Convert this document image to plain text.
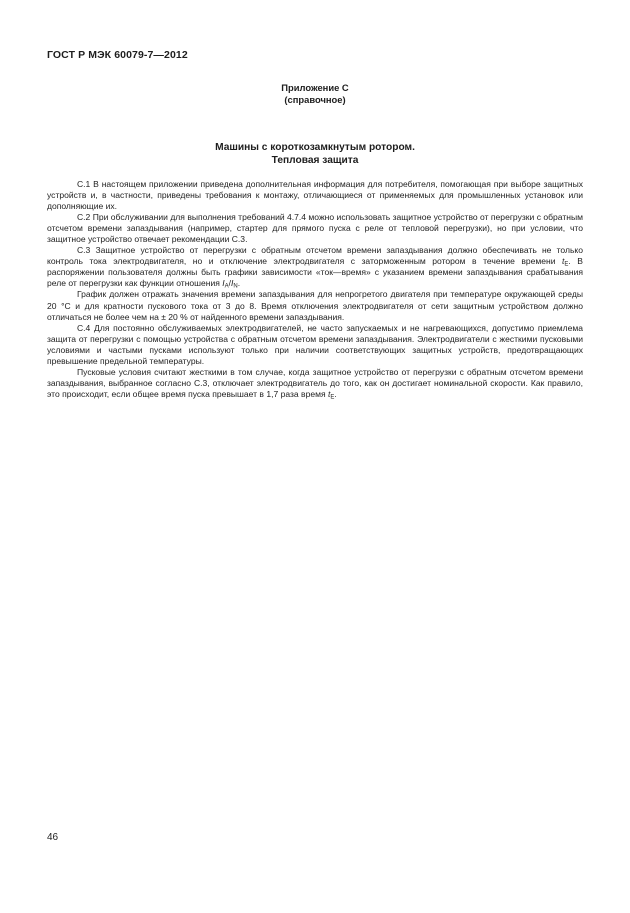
ГОСТ Р МЭК 60079-7—2012
Приложение С
(справочное)
Машины с короткозамкнутым ротором.
Тепловая защита

С.1 В настоящем приложении приведена дополнительная информация для потребителя, помогающая при выборе защитных устройств и, в частности, приведены требования к монтажу, отличающиеся от применяемых для промышленных установок или дополняющие их.

С.2 При обслуживании для выполнения требований 4.7.4 можно использовать защитное устройство от перегрузки с обратным отсчетом времени запаздывания (например, стартер для прямого пуска с реле от тепловой перегрузки), но при условии, что защитное устройство отвечает рекомендации С.3.

С.3 Защитное устройство от перегрузки с обратным отсчетом времени запаздывания должно обеспечивать не только контроль тока электродвигателя, но и отключение электродвигателя с заторможенным ротором в течение времени $t_E$. В распоряжении пользователя должны быть графики зависимости «ток—время» с указанием времени запаздывания срабатывания реле от перегрузки как функции отношения $I_A/I_N$.

График должен отражать значения времени запаздывания для непрогретого двигателя при температуре окружающей среды 20 °С и для кратности пускового тока от 3 до 8. Время отключения электродвигателя от сети защитным устройством должно отличаться не более чем на ± 20 % от найденного времени запаздывания.

С.4 Для постоянно обслуживаемых электродвигателей, не часто запускаемых и не нагревающихся, допустимо приемлема защита от перегрузки с помощью устройства с обратным отсчетом времени запаздывания. Электродвигатели с жесткими пусковыми условиями и частыми пусками используют только при наличии соответствующих защитных устройств, предотвращающих превышение предельной температуры.

Пусковые условия считают жесткими в том случае, когда защитное устройство от перегрузки с обратным отсчетом времени запаздывания, выбранное согласно С.3, отключает электродвигатель до того, как он достигает номинальной скорости. Как правило, это происходит, если общее время пуска превышает в 1,7 раза время $t_E$.

46
